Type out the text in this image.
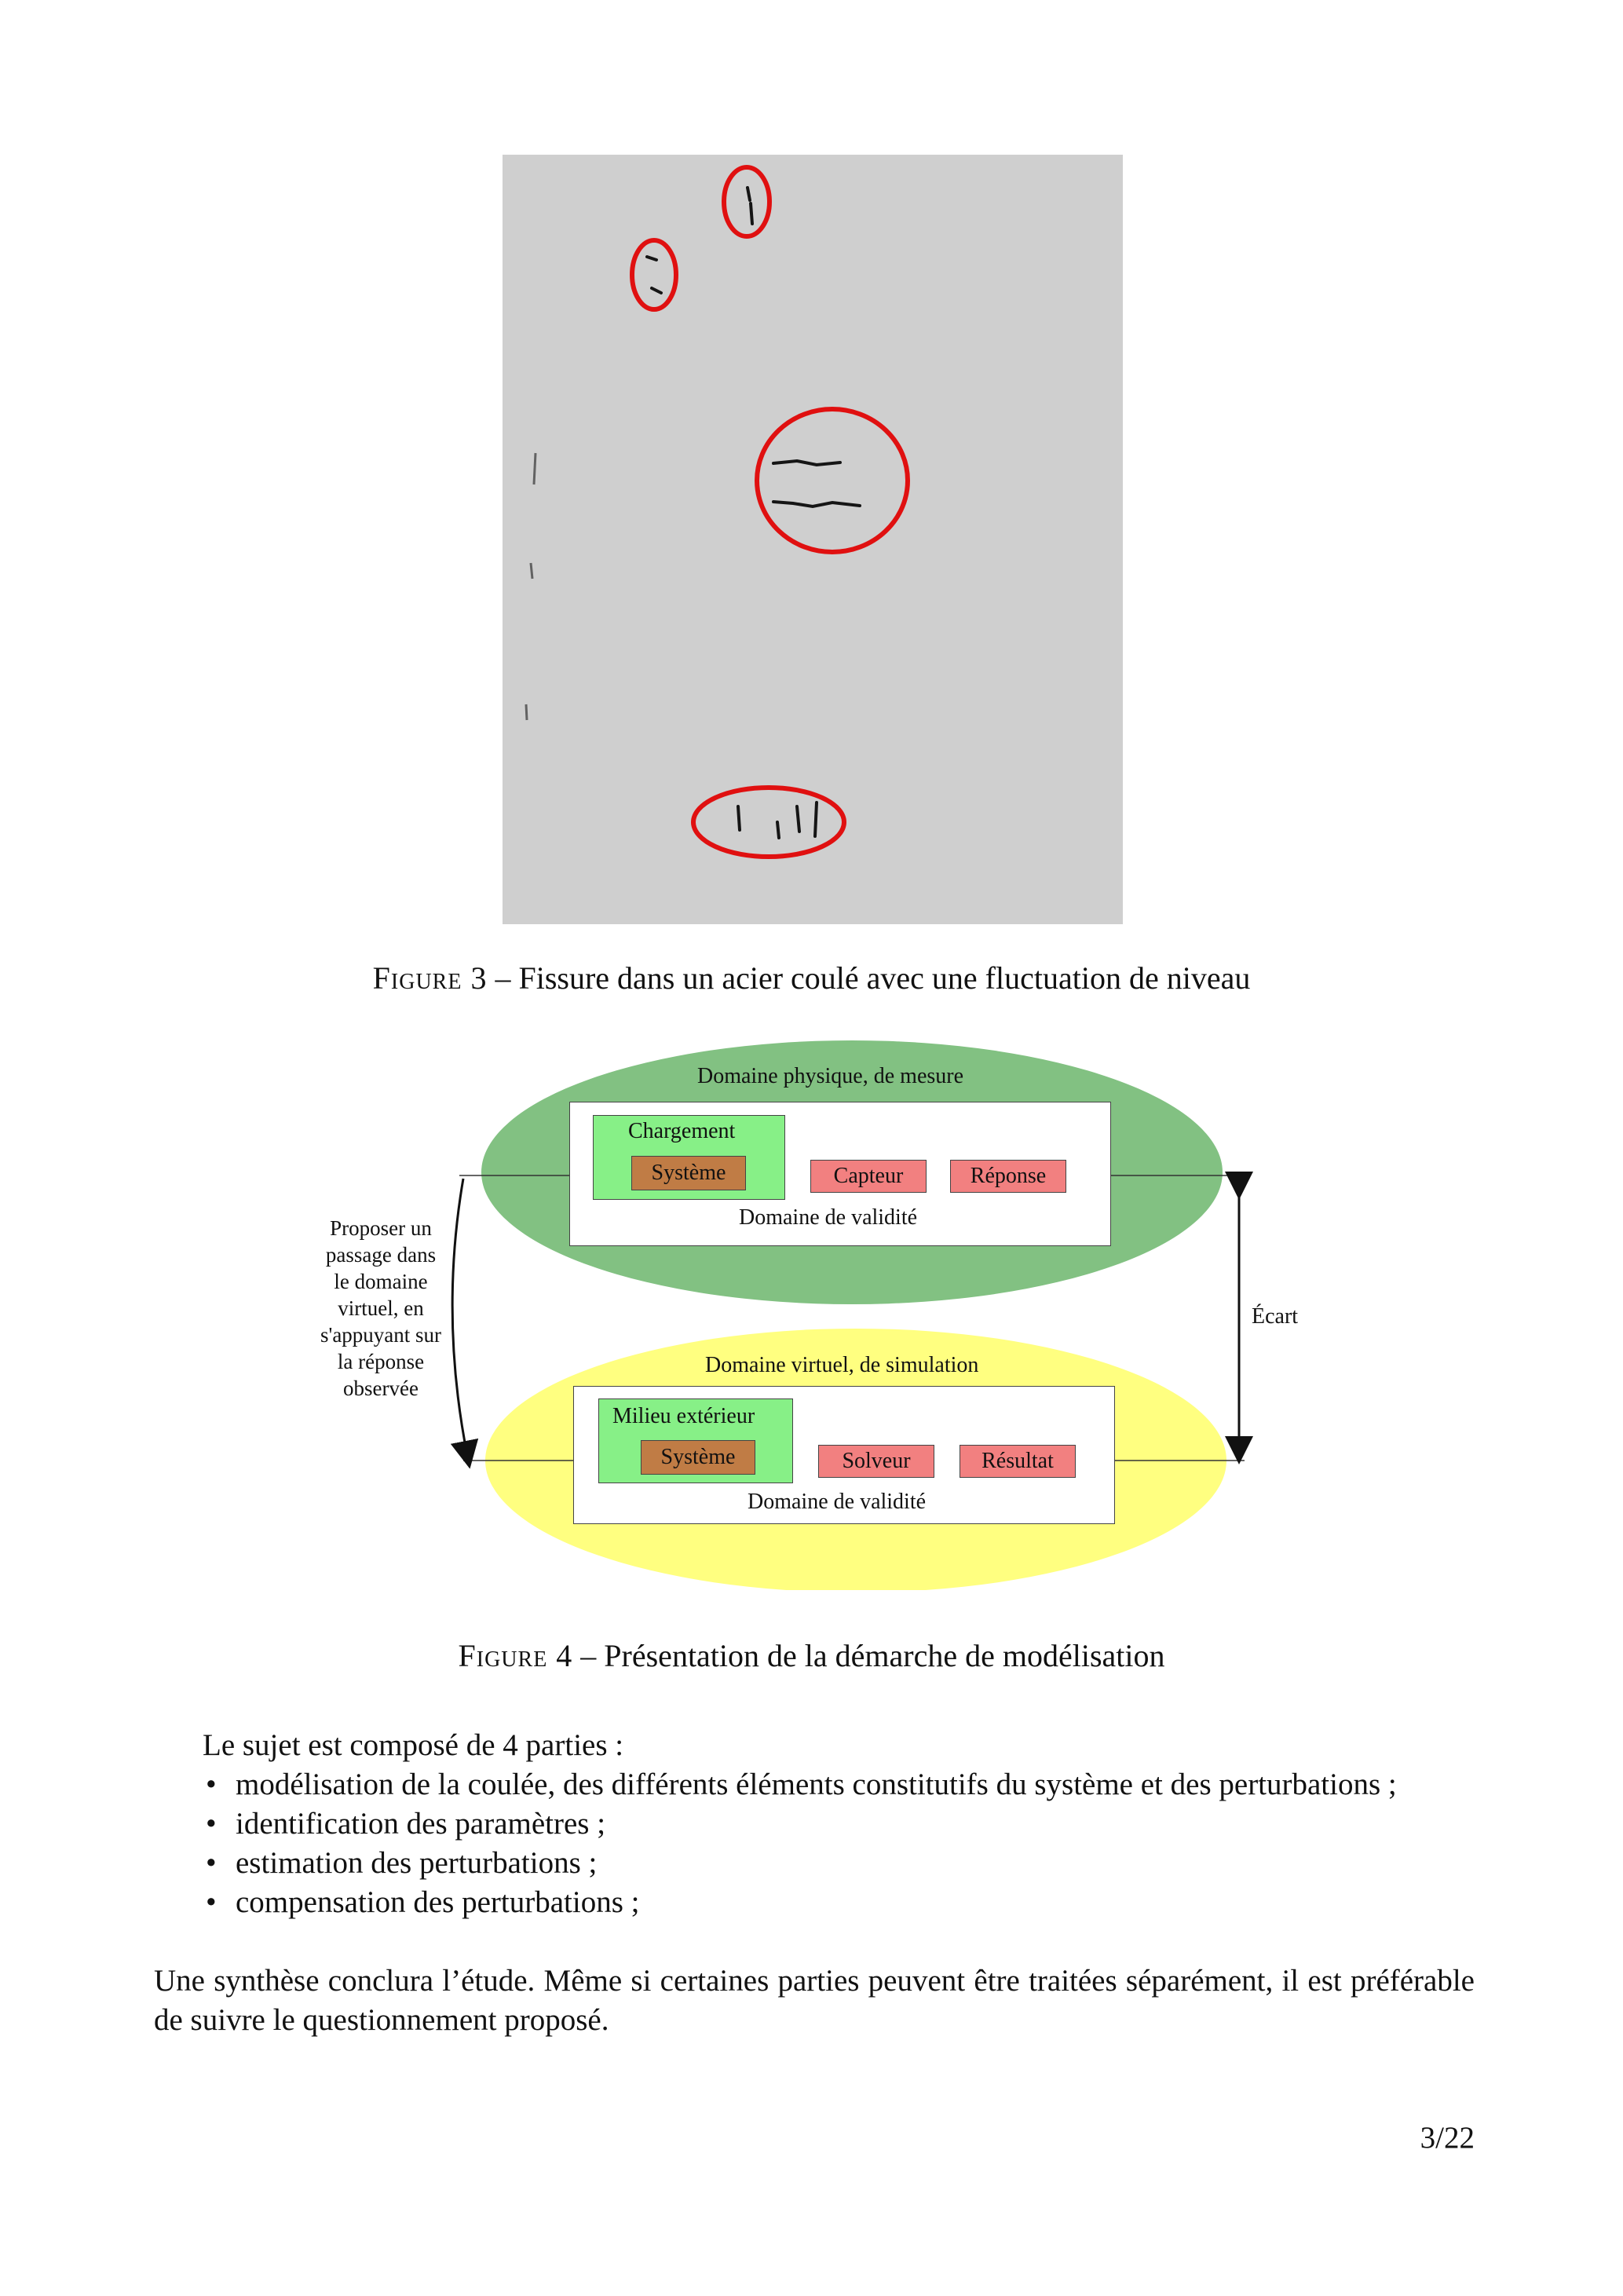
Figure 3 – Fissure dans un acier coulé avec une fluctuation de niveau
Domaine physique, de mesure
Chargement
Système	Capteur	Réponse
Domaine de validité
Domaine virtuel, de simulation
Milieu extérieur
Système	Solveur	Résultat
Domaine de validité
Proposer un
passage dans
le domaine
virtuel, en
s'appuyant sur
la réponse
observée
Écart
Figure 4 – Présentation de la démarche de modélisation
Le sujet est composé de 4 parties :
• modélisation de la coulée, des différents éléments constitutifs du système et des perturbations ;
• identification des paramètres ;
• estimation des perturbations ;
• compensation des perturbations ;
Une synthèse conclura l’étude. Même si certaines parties peuvent être traitées séparément, il est préférable de suivre le questionnement proposé.
3/22
